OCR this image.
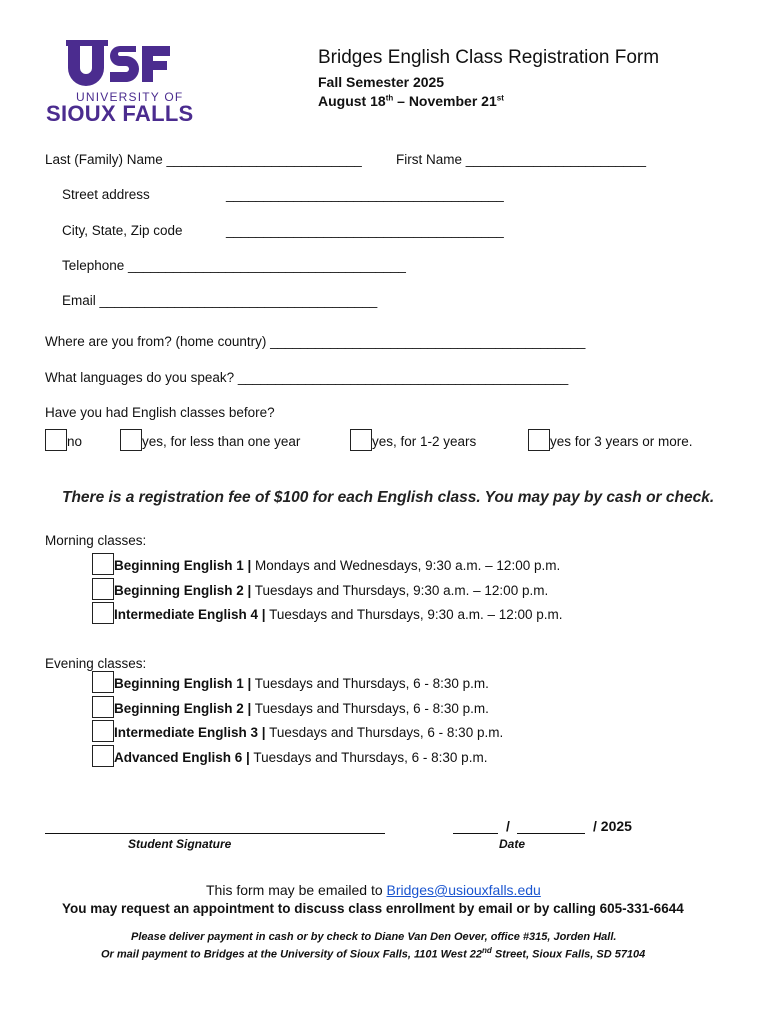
UNIVERSITY OF
SIOUX FALLS
Bridges English Class Registration Form
Fall Semester 2025
August 18th – November 21st
Last (Family) Name __________________________	First Name ________________________
Street address	_____________________________________
City, State, Zip code	_____________________________________
Telephone _____________________________________
Email _____________________________________
Where are you from? (home country) __________________________________________
What languages do you speak? ____________________________________________
Have you had English classes before?
no	yes, for less than one year	yes, for 1-2 years	yes for 3 years or more.
There is a registration fee of $100 for each English class. You may pay by cash or check.
Morning classes:
Beginning English 1 | Mondays and Wednesdays, 9:30 a.m. – 12:00 p.m.
Beginning English 2 | Tuesdays and Thursdays, 9:30 a.m. – 12:00 p.m.
Intermediate English 4 | Tuesdays and Thursdays, 9:30 a.m. – 12:00 p.m.
Evening classes:
Beginning English 1 | Tuesdays and Thursdays, 6 - 8:30 p.m.
Beginning English 2 | Tuesdays and Thursdays, 6 - 8:30 p.m.
Intermediate English 3 | Tuesdays and Thursdays, 6 - 8:30 p.m.
Advanced English 6 | Tuesdays and Thursdays, 6 - 8:30 p.m.
Student Signature
/	/ 2025
Date
This form may be emailed to Bridges@usiouxfalls.edu
You may request an appointment to discuss class enrollment by email or by calling 605-331-6644
Please deliver payment in cash or by check to Diane Van Den Oever, office #315, Jorden Hall.
Or mail payment to Bridges at the University of Sioux Falls, 1101 West 22nd Street, Sioux Falls, SD 57104
